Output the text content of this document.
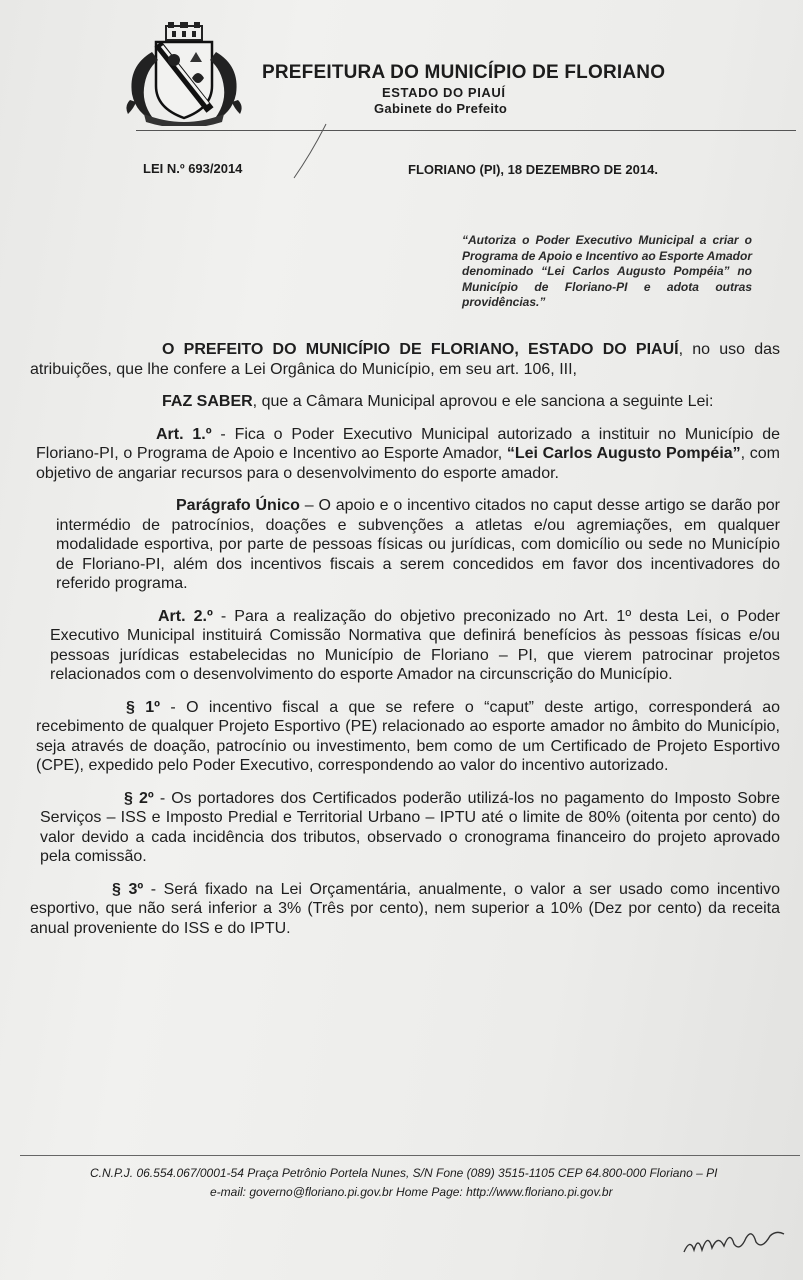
PREFEITURA DO MUNICÍPIO DE FLORIANO

ESTADO DO PIAUÍ

Gabinete do Prefeito

LEI N.º 693/2014	FLORIANO (PI), 18 DEZEMBRO DE 2014.

“Autoriza o Poder Executivo Municipal a criar o Programa de Apoio e Incentivo ao Esporte Amador denominado “Lei Carlos Augusto Pompéia” no Município de Floriano-PI e adota outras providências.”

O PREFEITO DO MUNICÍPIO DE FLORIANO, ESTADO DO PIAUÍ, no uso das atribuições, que lhe confere a Lei Orgânica do Município, em seu art. 106, III,

FAZ SABER, que a Câmara Municipal aprovou e ele sanciona a seguinte Lei:

Art. 1.º - Fica o Poder Executivo Municipal autorizado a instituir no Município de Floriano-PI, o Programa de Apoio e Incentivo ao Esporte Amador, “Lei Carlos Augusto Pompéia”, com objetivo de angariar recursos para o desenvolvimento do esporte amador.

Parágrafo Único – O apoio e o incentivo citados no caput desse artigo se darão por intermédio de patrocínios, doações e subvenções a atletas e/ou agremiações, em qualquer modalidade esportiva, por parte de pessoas físicas ou jurídicas, com domicílio ou sede no Município de Floriano-PI, além dos incentivos fiscais a serem concedidos em favor dos incentivadores do referido programa.

Art. 2.º - Para a realização do objetivo preconizado no Art. 1º desta Lei, o Poder Executivo Municipal instituirá Comissão Normativa que definirá benefícios às pessoas físicas e/ou pessoas jurídicas estabelecidas no Município de Floriano – PI, que vierem patrocinar projetos relacionados com o desenvolvimento do esporte Amador na circunscrição do Município.

§ 1º - O incentivo fiscal a que se refere o “caput” deste artigo, corresponderá ao recebimento de qualquer Projeto Esportivo (PE) relacionado ao esporte amador no âmbito do Município, seja através de doação, patrocínio ou investimento, bem como de um Certificado de Projeto Esportivo (CPE), expedido pelo Poder Executivo, correspondendo ao valor do incentivo autorizado.

§ 2º - Os portadores dos Certificados poderão utilizá-los no pagamento do Imposto Sobre Serviços – ISS e Imposto Predial e Territorial Urbano – IPTU até o limite de 80% (oitenta por cento) do valor devido a cada incidência dos tributos, observado o cronograma financeiro do projeto aprovado pela comissão.

§ 3º - Será fixado na Lei Orçamentária, anualmente, o valor a ser usado como incentivo esportivo, que não será inferior a 3% (Três por cento), nem superior a 10% (Dez por cento) da receita anual proveniente do ISS e do IPTU.

C.N.P.J. 06.554.067/0001-54 Praça Petrônio Portela Nunes, S/N Fone (089) 3515-1105 CEP 64.800-000 Floriano – PI
e-mail: governo@floriano.pi.gov.br Home Page: http://www.floriano.pi.gov.br
